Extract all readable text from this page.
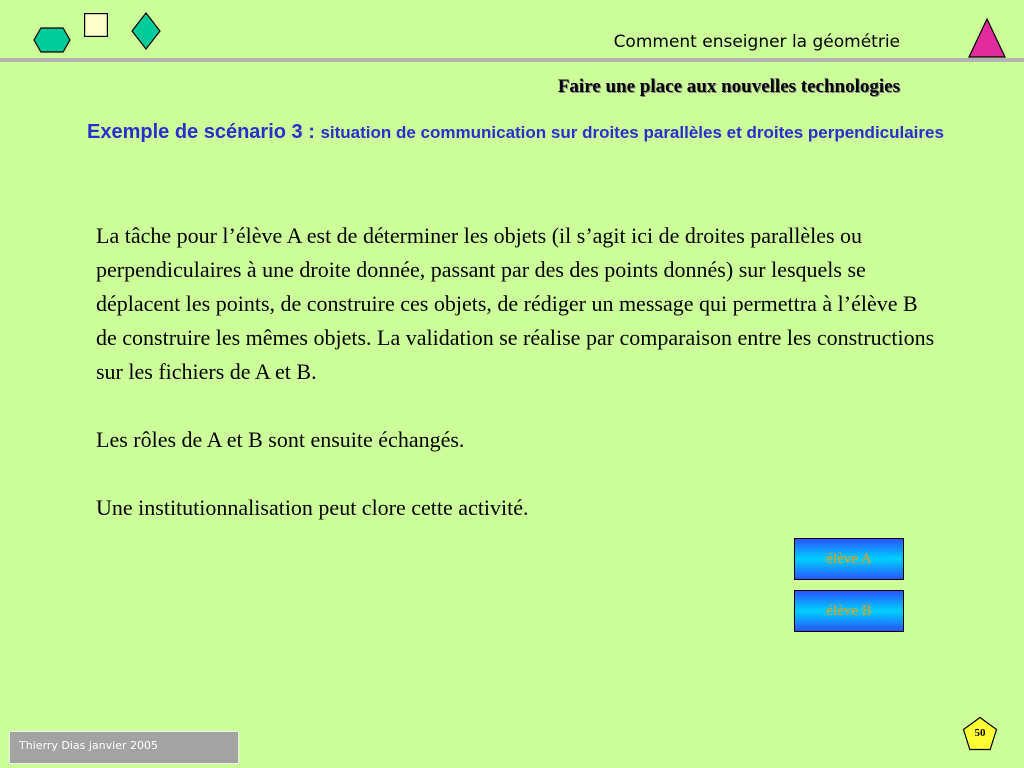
Comment enseigner la géométrie
Faire une place aux nouvelles technologies
Exemple de scénario 3 : situation de communication sur droites parallèles et droites perpendiculaires

La tâche pour l’élève A est de déterminer les objets (il s’agit ici de droites parallèles ou perpendiculaires à une droite donnée, passant par des des points donnés) sur lesquels se déplacent les points, de construire ces objets, de rédiger un message qui permettra à l’élève B de construire les mêmes objets. La validation se réalise par comparaison entre les constructions sur les fichiers de A et B.

Les rôles de A et B sont ensuite échangés.

Une institutionnalisation peut clore cette activité.

élève A
élève B
Thierry Dias janvier 2005
50
